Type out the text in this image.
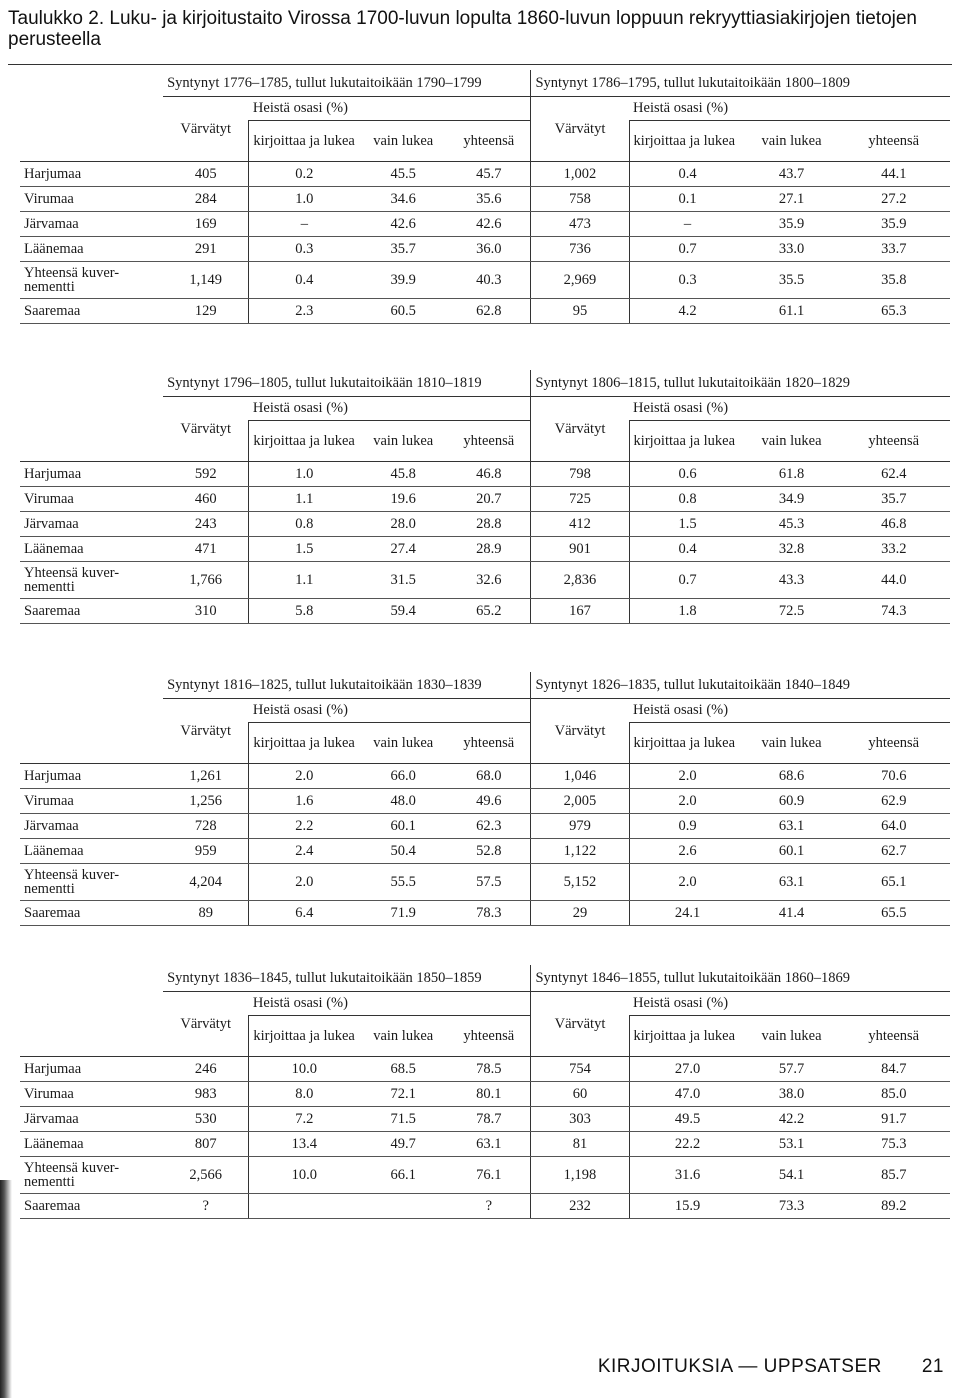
Taulukko 2. Luku- ja kirjoitustaito Virossa 1700-luvun lopulta 1860-luvun loppuun rekryyttiasiakirjojen tietojen perusteella
	Syntynyt 1776–1785, tullut lukutaitoikään 1790–1799				Syntynyt 1786–1795, tullut lukutaitoikään 1800–1809			
	Värvätyt	Heistä osasi (%)			Värvätyt	Heistä osasi (%)		
		kirjoittaa ja lukea	vain lukea	yhteensä		kirjoittaa ja lukea	vain lukea	yhteensä
Harjumaa	405	0.2	45.5	45.7	1,002	0.4	43.7	44.1
Virumaa	284	1.0	34.6	35.6	758	0.1	27.1	27.2
Järvamaa	169	–	42.6	42.6	473	–	35.9	35.9
Läänemaa	291	0.3	35.7	36.0	736	0.7	33.0	33.7
Yhteensä kuver-nementti	1,149	0.4	39.9	40.3	2,969	0.3	35.5	35.8
Saaremaa	129	2.3	60.5	62.8	95	4.2	61.1	65.3
	Syntynyt 1796–1805, tullut lukutaitoikään 1810–1819				Syntynyt 1806–1815, tullut lukutaitoikään 1820–1829			
	Värvätyt	Heistä osasi (%)			Värvätyt	Heistä osasi (%)		
		kirjoittaa ja lukea	vain lukea	yhteensä		kirjoittaa ja lukea	vain lukea	yhteensä
Harjumaa	592	1.0	45.8	46.8	798	0.6	61.8	62.4
Virumaa	460	1.1	19.6	20.7	725	0.8	34.9	35.7
Järvamaa	243	0.8	28.0	28.8	412	1.5	45.3	46.8
Läänemaa	471	1.5	27.4	28.9	901	0.4	32.8	33.2
Yhteensä kuver-nementti	1,766	1.1	31.5	32.6	2,836	0.7	43.3	44.0
Saaremaa	310	5.8	59.4	65.2	167	1.8	72.5	74.3
	Syntynyt 1816–1825, tullut lukutaitoikään 1830–1839				Syntynyt 1826–1835, tullut lukutaitoikään 1840–1849			
	Värvätyt	Heistä osasi (%)			Värvätyt	Heistä osasi (%)		
		kirjoittaa ja lukea	vain lukea	yhteensä		kirjoittaa ja lukea	vain lukea	yhteensä
Harjumaa	1,261	2.0	66.0	68.0	1,046	2.0	68.6	70.6
Virumaa	1,256	1.6	48.0	49.6	2,005	2.0	60.9	62.9
Järvamaa	728	2.2	60.1	62.3	979	0.9	63.1	64.0
Läänemaa	959	2.4	50.4	52.8	1,122	2.6	60.1	62.7
Yhteensä kuver-nementti	4,204	2.0	55.5	57.5	5,152	2.0	63.1	65.1
Saaremaa	89	6.4	71.9	78.3	29	24.1	41.4	65.5
	Syntynyt 1836–1845, tullut lukutaitoikään 1850–1859				Syntynyt 1846–1855, tullut lukutaitoikään 1860–1869			
	Värvätyt	Heistä osasi (%)			Värvätyt	Heistä osasi (%)		
		kirjoittaa ja lukea	vain lukea	yhteensä		kirjoittaa ja lukea	vain lukea	yhteensä
Harjumaa	246	10.0	68.5	78.5	754	27.0	57.7	84.7
Virumaa	983	8.0	72.1	80.1	60	47.0	38.0	85.0
Järvamaa	530	7.2	71.5	78.7	303	49.5	42.2	91.7
Läänemaa	807	13.4	49.7	63.1	81	22.2	53.1	75.3
Yhteensä kuver-nementti	2,566	10.0	66.1	76.1	1,198	31.6	54.1	85.7
Saaremaa	?			?	232	15.9	73.3	89.2
KIRJOITUKSIA — UPPSATSER 21
